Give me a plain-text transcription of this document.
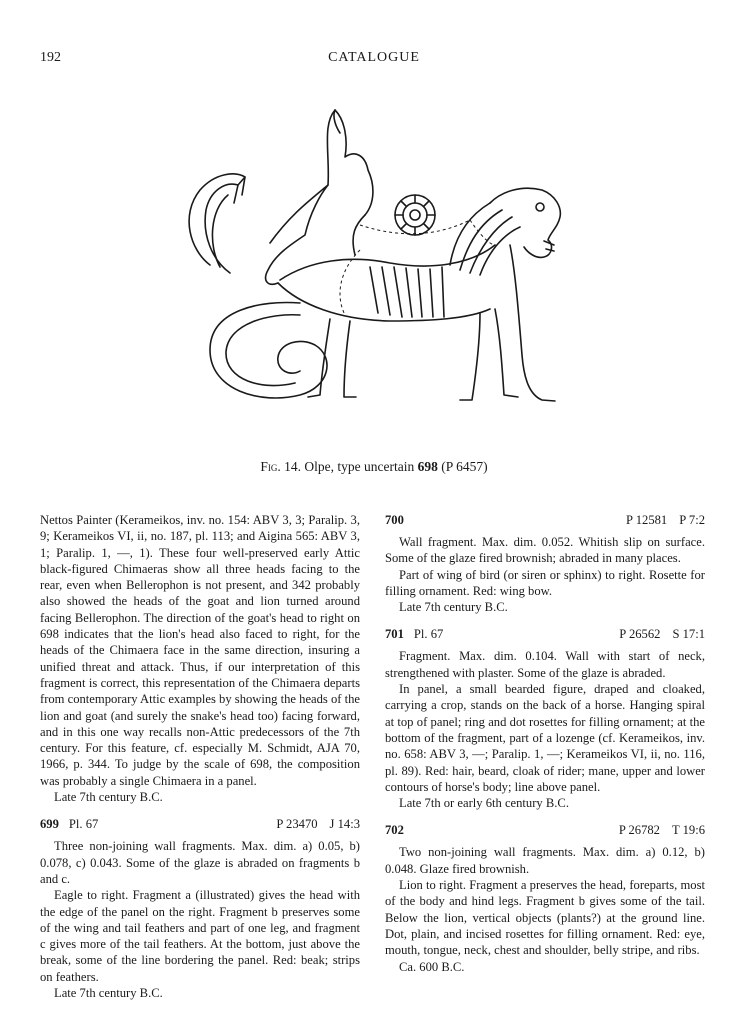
192	CATALOGUE
Fig. 14. Olpe, type uncertain 698 (P 6457)

Nettos Painter (Kerameikos, inv. no. 154: ABV 3, 3; Paralip. 3, 9; Kerameikos VI, ii, no. 187, pl. 113; and Aigina 565: ABV 3, 1; Paralip. 1, —, 1). These four well-preserved early Attic black-figured Chimaeras show all three heads facing to the rear, even when Bellerophon is not present, and 342 probably also showed the heads of the goat and lion turned around facing Bellerophon. The direction of the goat's head to right on 698 indicates that the lion's head also faced to right, for the heads of the Chimaera face in the same direction, insuring a unified threat and attack. Thus, if our interpretation of this fragment is correct, this representation of the Chimaera departs from contemporary Attic examples by showing the heads of the lion and goat (and surely the snake's head too) facing forward, and in this one way recalls non-Attic predecessors of the 7th century. For this feature, cf. especially M. Schmidt, AJA 70, 1966, p. 344. To judge by the scale of 698, the composition was probably a single Chimaera in a panel.

Late 7th century B.C.

699 Pl. 67	P 23470 J 14:3

Three non-joining wall fragments. Max. dim. a) 0.05, b) 0.078, c) 0.043. Some of the glaze is abraded on fragments b and c.

Eagle to right. Fragment a (illustrated) gives the head with the edge of the panel on the right. Fragment b preserves some of the wing and tail feathers and part of one leg, and fragment c gives more of the tail feathers. At the bottom, just above the break, some of the line bordering the panel. Red: beak; strips on feathers.

Late 7th century B.C.

700	P 12581 P 7:2

Wall fragment. Max. dim. 0.052. Whitish slip on surface. Some of the glaze fired brownish; abraded in many places.

Part of wing of bird (or siren or sphinx) to right. Rosette for filling ornament. Red: wing bow.

Late 7th century B.C.

701 Pl. 67	P 26562 S 17:1

Fragment. Max. dim. 0.104. Wall with start of neck, strengthened with plaster. Some of the glaze is abraded.

In panel, a small bearded figure, draped and cloaked, carrying a crop, stands on the back of a horse. Hanging spiral at top of panel; ring and dot rosettes for filling ornament; at the bottom of the fragment, part of a lozenge (cf. Kerameikos, inv. no. 658: ABV 3, —; Paralip. 1, —; Kerameikos VI, ii, no. 116, pl. 89). Red: hair, beard, cloak of rider; mane, upper and lower contours of horse's body; line above panel.

Late 7th or early 6th century B.C.

702	P 26782 T 19:6

Two non-joining wall fragments. Max. dim. a) 0.12, b) 0.048. Glaze fired brownish.

Lion to right. Fragment a preserves the head, foreparts, most of the body and hind legs. Fragment b gives some of the tail. Below the lion, vertical objects (plants?) at the ground line. Dot, plain, and incised rosettes for filling ornament. Red: eye, mouth, tongue, neck, chest and shoulder, belly stripe, and ribs.

Ca. 600 B.C.
